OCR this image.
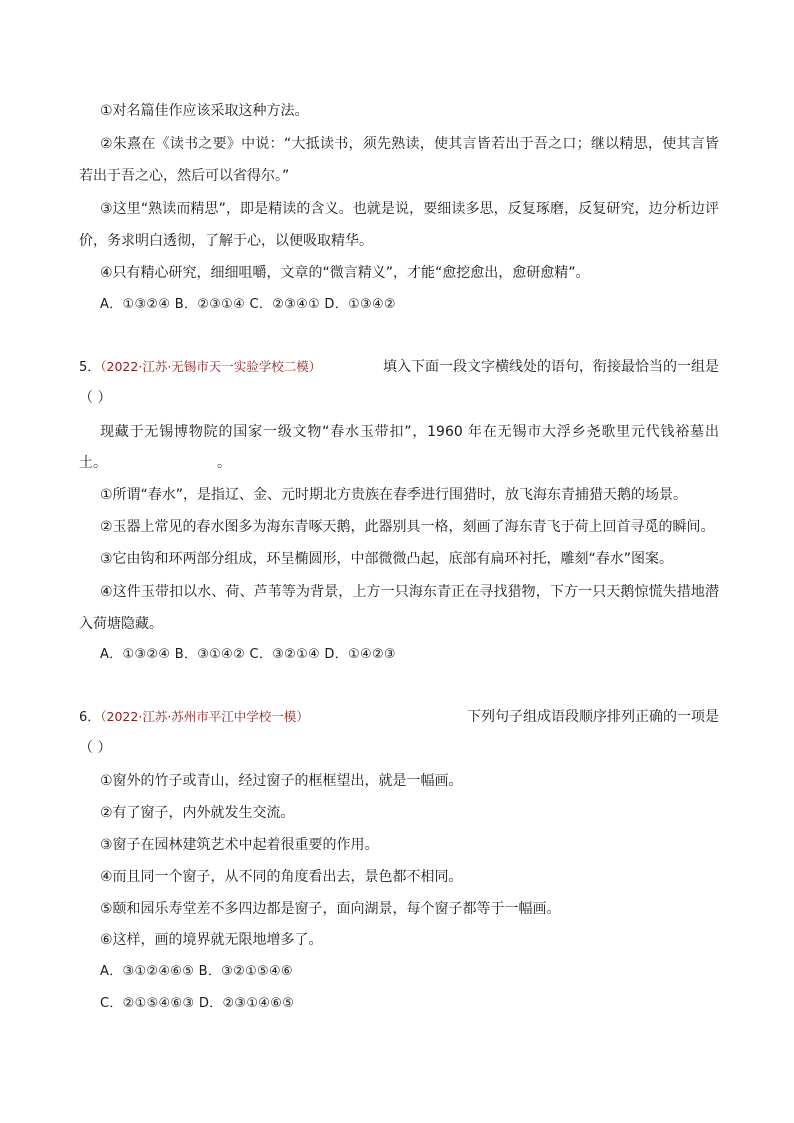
①对名篇佳作应该采取这种方法。
②朱熹在《读书之要》中说：“大抵读书，须先熟读，使其言皆若出于吾之口；继以精思，使其言皆
若出于吾之心，然后可以省得尔。”
③这里“熟读而精思”，即是精读的含义。也就是说，要细读多思，反复琢磨，反复研究，边分析边评
价，务求明白透彻，了解于心，以便吸取精华。
④只有精心研究，细细咀嚼，文章的“微言精义”，才能“愈挖愈出，愈研愈精”。
A．①③②④ B．②③①④ C．②③④① D．①③④②
5．（2022·江苏·无锡市天一实验学校二模）	填入下面一段文字横线处的语句，衔接最恰当的一组是
（ ）
现藏于无锡博物院的国家一级文物“春水玉带扣”，1960 年在无锡市大浮乡尧歌里元代钱裕墓出
土。	。
①所谓“春水”，是指辽、金、元时期北方贵族在春季进行围猎时，放飞海东青捕猎天鹅的场景。
②玉器上常见的春水图多为海东青啄天鹅，此器别具一格，刻画了海东青飞于荷上回首寻觅的瞬间。
③它由钩和环两部分组成，环呈椭圆形，中部微微凸起，底部有扁环衬托，雕刻“春水”图案。
④这件玉带扣以水、荷、芦苇等为背景，上方一只海东青正在寻找猎物，下方一只天鹅惊慌失措地潜
入荷塘隐藏。
A．①③②④ B．③①④② C．③②①④ D．①④②③
6．（2022·江苏·苏州市平江中学校一模）	下列句子组成语段顺序排列正确的一项是
（ ）
①窗外的竹子或青山，经过窗子的框框望出，就是一幅画。
②有了窗子，内外就发生交流。
③窗子在园林建筑艺术中起着很重要的作用。
④而且同一个窗子，从不同的角度看出去，景色都不相同。
⑤颐和园乐寿堂差不多四边都是窗子，面向湖景，每个窗子都等于一幅画。
⑥这样，画的境界就无限地增多了。
A．③①②④⑥⑤ B．③②①⑤④⑥
C．②①⑤④⑥③ D．②③①④⑥⑤
